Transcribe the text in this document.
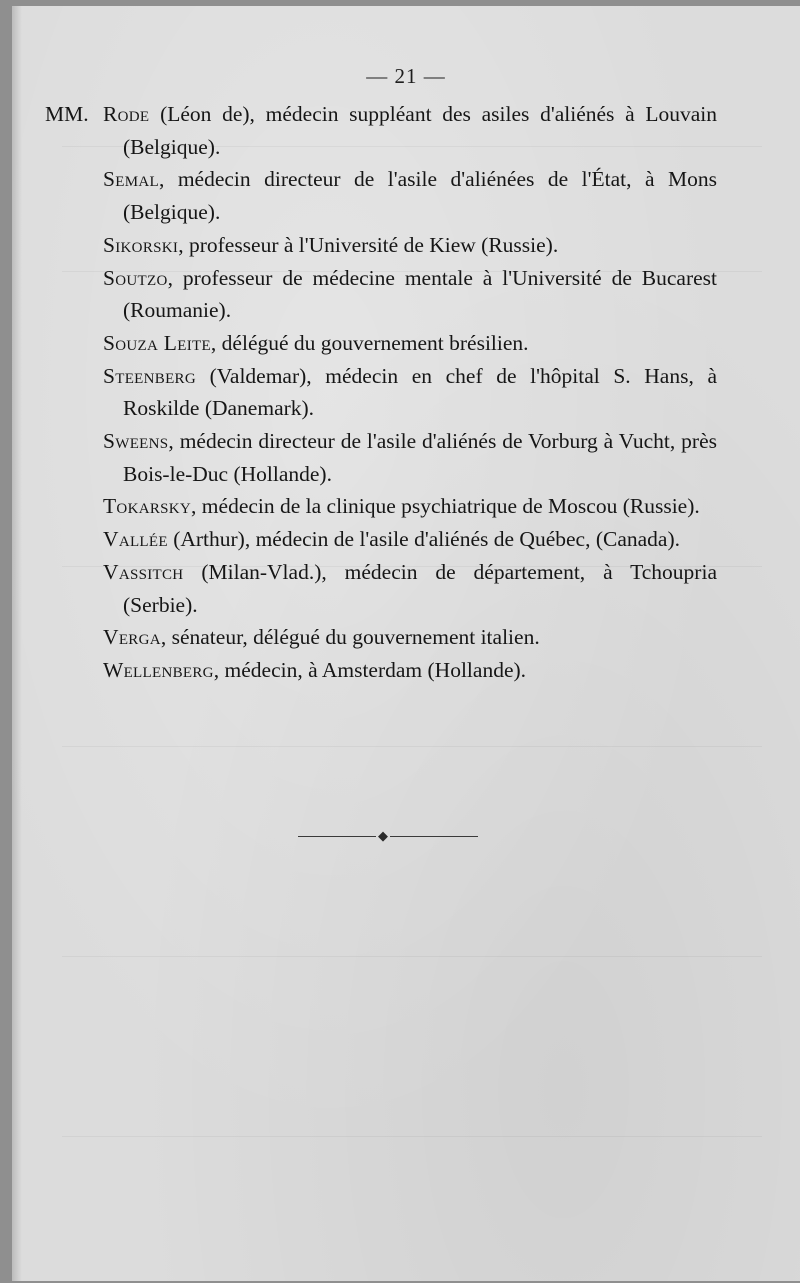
— 21 —

MM. Rode (Léon de), médecin suppléant des asiles d'aliénés à Louvain (Belgique).

Semal, médecin directeur de l'asile d'aliénées de l'État, à Mons (Belgique).

Sikorski, professeur à l'Université de Kiew (Russie).

Soutzo, professeur de médecine mentale à l'Université de Bucarest (Roumanie).

Souza Leite, délégué du gouvernement brésilien.

Steenberg (Valdemar), médecin en chef de l'hôpital S. Hans, à Roskilde (Danemark).

Sweens, médecin directeur de l'asile d'aliénés de Vorburg à Vucht, près Bois-le-Duc (Hollande).

Tokarsky, médecin de la clinique psychiatrique de Moscou (Russie).

Vallée (Arthur), médecin de l'asile d'aliénés de Québec, (Canada).

Vassitch (Milan-Vlad.), médecin de département, à Tchoupria (Serbie).

Verga, sénateur, délégué du gouvernement italien.

Wellenberg, médecin, à Amsterdam (Hollande).

◆
